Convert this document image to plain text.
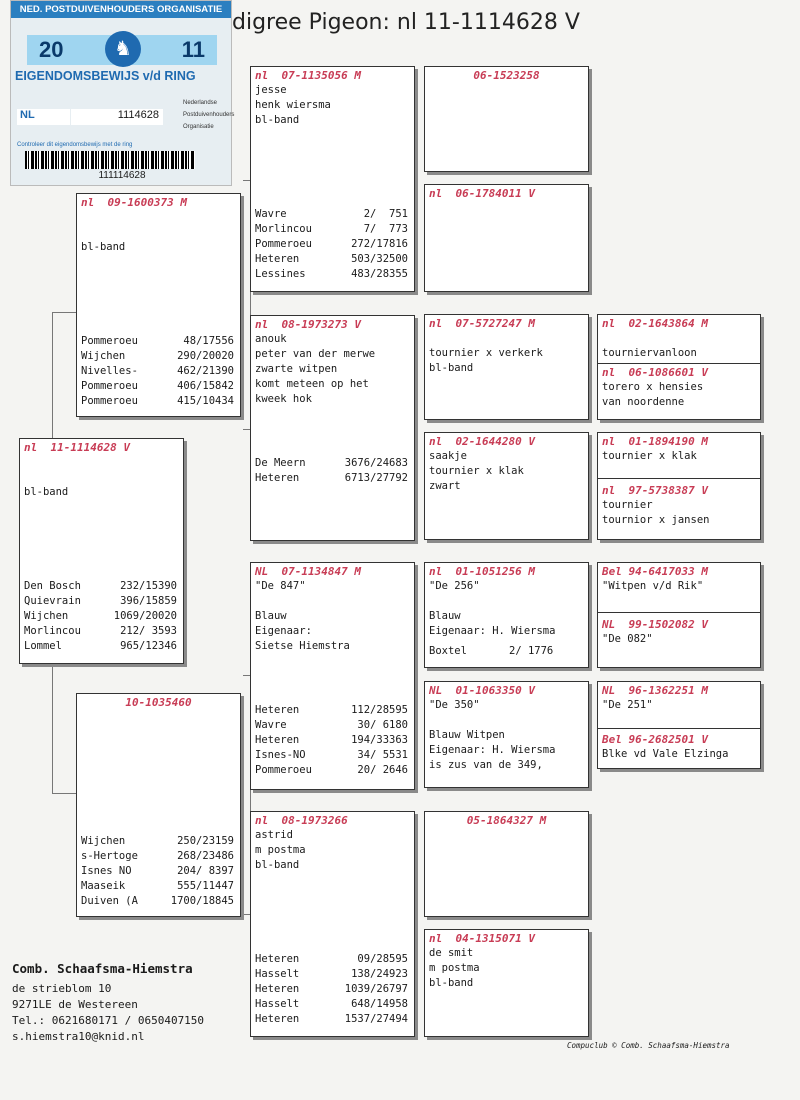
digree Pigeon: nl 11-1114628 V
NED. POSTDUIVENHOUDERS ORGANISATIE
20	♞	11
EIGENDOMSBEWIJS v/d RING
NL	1114628
Nederlandse
Postduivenhouders
Organisatie
Controleer dit eigendomsbewijs met de ring
111114628
nl  11-1114628 V

bl-band
Den Bosch	232/15390
Quievrain	396/15859
Wijchen	1069/20020
Morlincou	212/ 3593
Lommel	965/12346
nl  09-1600373 M

bl-band
Pommeroeu	48/17556
Wijchen	290/20020
Nivelles-	462/21390
Pommeroeu	406/15842
Pommeroeu	415/10434
10-1035460
Wijchen	250/23159
s-Hertoge	268/23486
Isnes NO	204/ 8397
Maaseik	555/11447
Duiven (A	1700/18845
nl  07-1135056 M
jesse
henk wiersma
bl-band
Wavre	2/  751
Morlincou	7/  773
Pommeroeu	272/17816
Heteren	503/32500
Lessines	483/28355
nl  08-1973273 V
anouk
peter van der merwe
zwarte witpen
komt meteen op het
kweek hok
De Meern	3676/24683
Heteren	6713/27792
NL  07-1134847 M
"De 847"
Blauw
Eigenaar:
Sietse Hiemstra
Heteren	112/28595
Wavre	30/ 6180
Heteren	194/33363
Isnes-NO	34/ 5531
Pommeroeu	20/ 2646
nl  08-1973266
astrid
m postma
bl-band
Heteren	09/28595
Hasselt	138/24923
Heteren	1039/26797
Hasselt	648/14958
Heteren	1537/27494
06-1523258
nl  06-1784011 V
nl  07-5727247 M
tournier x verkerk
bl-band
nl  02-1644280 V
saakje
tournier x klak
zwart
nl  01-1051256 M
"De 256"
Blauw
Eigenaar: H. Wiersma
Boxtel	2/ 1776
NL  01-1063350 V
"De 350"
Blauw Witpen
Eigenaar: H. Wiersma
is zus van de 349,
05-1864327 M
nl  04-1315071 V
de smit
m postma
bl-band
nl  02-1643864 M
tourniervanloon
nl  06-1086601 V
torero x hensies
van noordenne
nl  01-1894190 M
tournier x klak

nl  97-5738387 V
tournier
tournior x jansen
Bel 94-6417033 M
"Witpen v/d Rik"

NL  99-1502082 V
"De 082"
NL  96-1362251 M
"De 251"

Bel 96-2682501 V
Blke vd Vale Elzinga
Comb. Schaafsma-Hiemstra
de strieblom 10
9271LE de Westereen
Tel.: 0621680171 / 0650407150
s.hiemstra10@knid.nl
Compuclub © Comb. Schaafsma-Hiemstra
